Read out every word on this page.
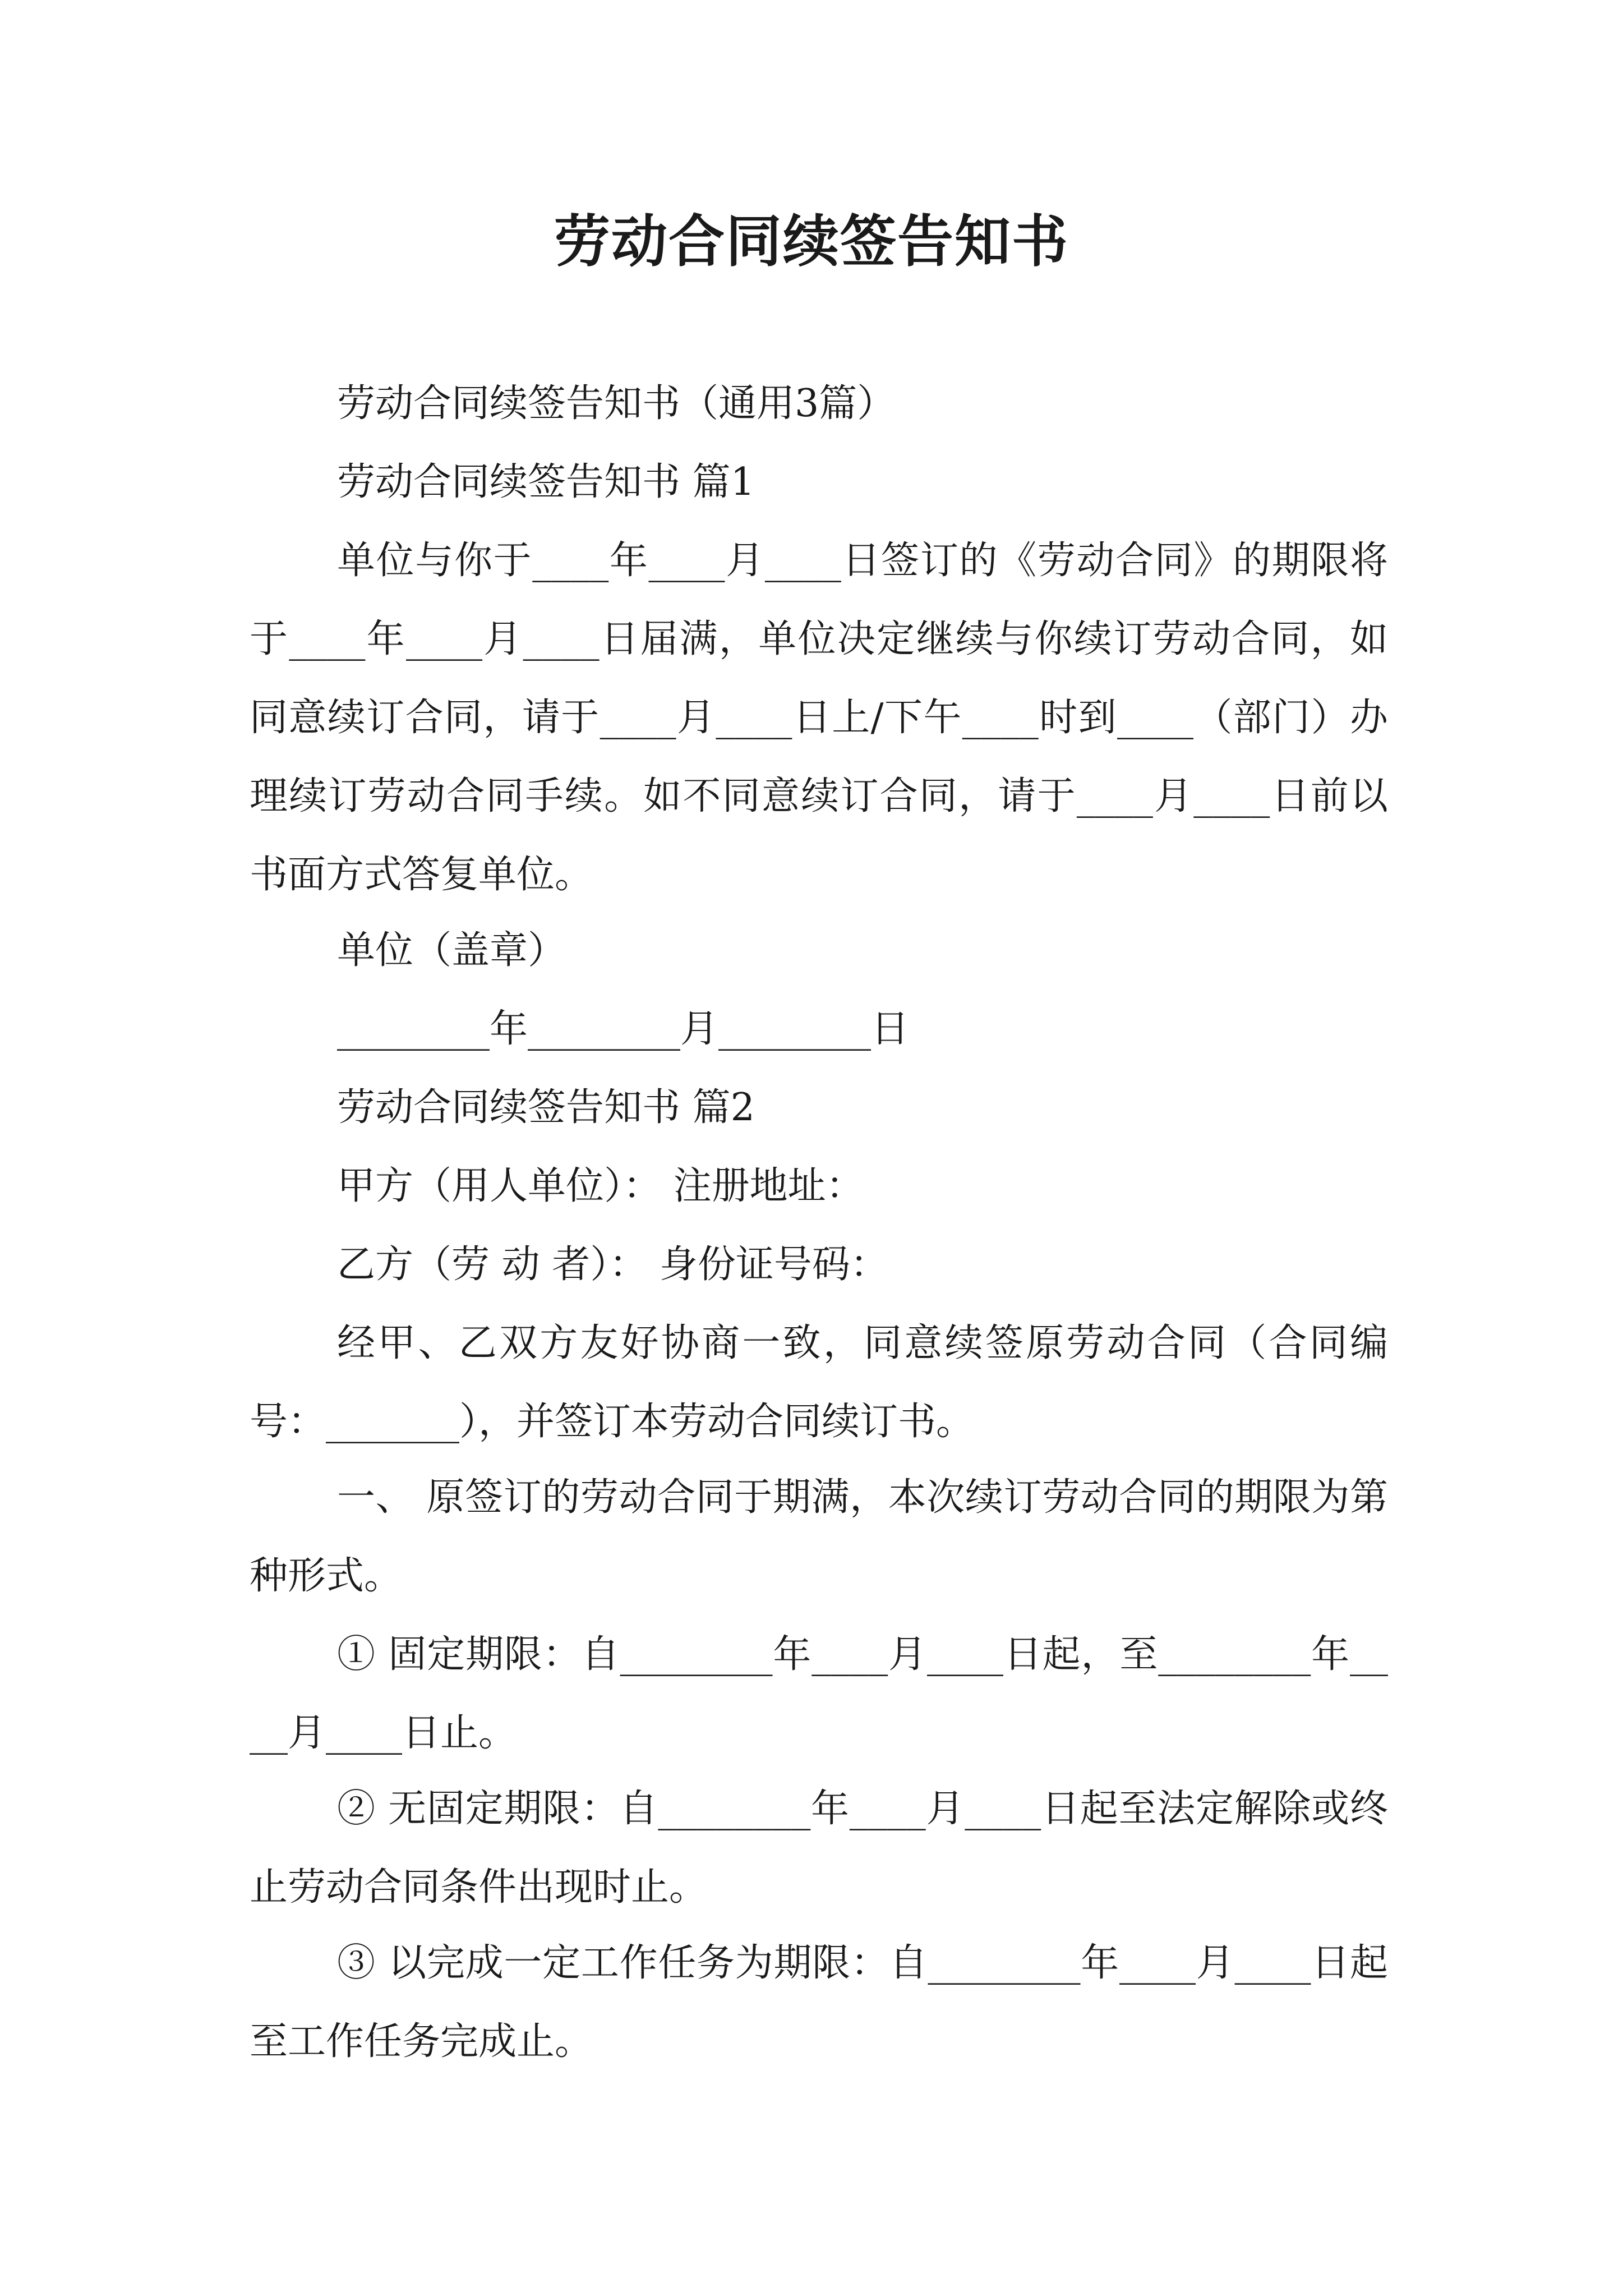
劳动合同续签告知书

劳动合同续签告知书（通用3篇）

劳动合同续签告知书 篇1

单位与你于____年____月____日签订的《劳动合同》的期限将于____年____月____日届满，单位决定继续与你续订劳动合同，如同意续订合同，请于____月____日上/下午____时到____（部门）办理续订劳动合同手续。如不同意续订合同，请于____月____日前以书面方式答复单位。

单位（盖章）

________年________月________日

劳动合同续签告知书 篇2

甲方（用人单位）： 注册地址：

乙方（劳 动 者）： 身份证号码：

经甲、乙双方友好协商一致，同意续签原劳动合同（合同编号：_______），并签订本劳动合同续订书。

一、 原签订的劳动合同于期满，本次续订劳动合同的期限为第 种形式。

① 固定期限：自________年____月____日起，至________年____月____日止。

② 无固定期限：自________年____月____日起至法定解除或终止劳动合同条件出现时止。

③ 以完成一定工作任务为期限：自________年____月____日起至工作任务完成止。
